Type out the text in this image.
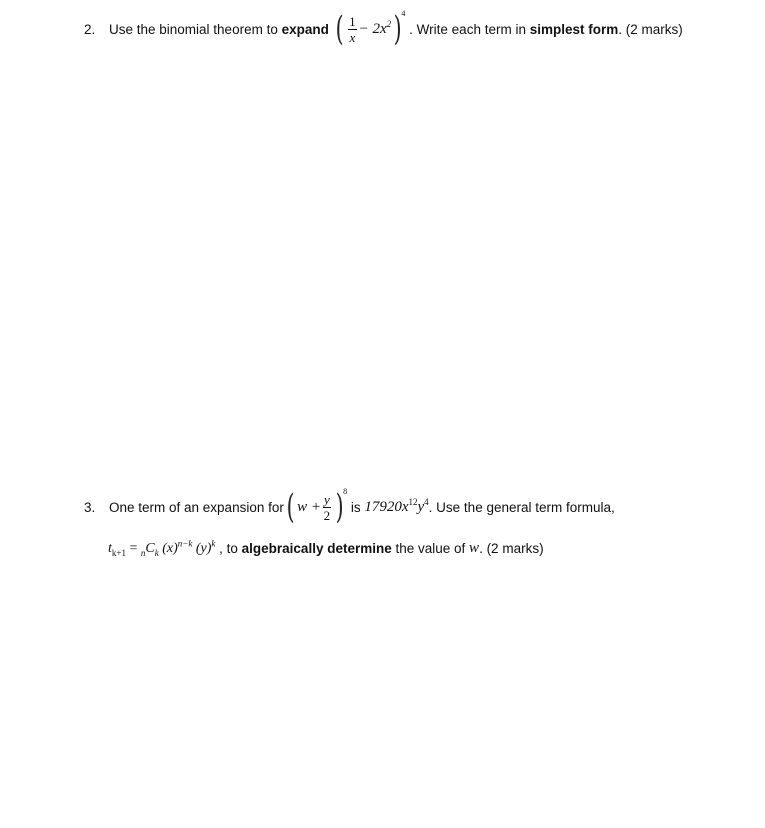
2.	Use the binomial theorem to expand ( $\frac{1}{x} - 2x^2$ ) 4
. Write each term in simplest form . (2 marks)
3.	One term of an expansion for ( $w + \frac{y}{2}$ ) 8
is $17920x^{12}y^4$ . Use the general term formula,
$t_{k+1} = _nC_k$ $(x)^{n-k}$ $(y)^k$ , to algebraically determine the value of w . (2 marks)
